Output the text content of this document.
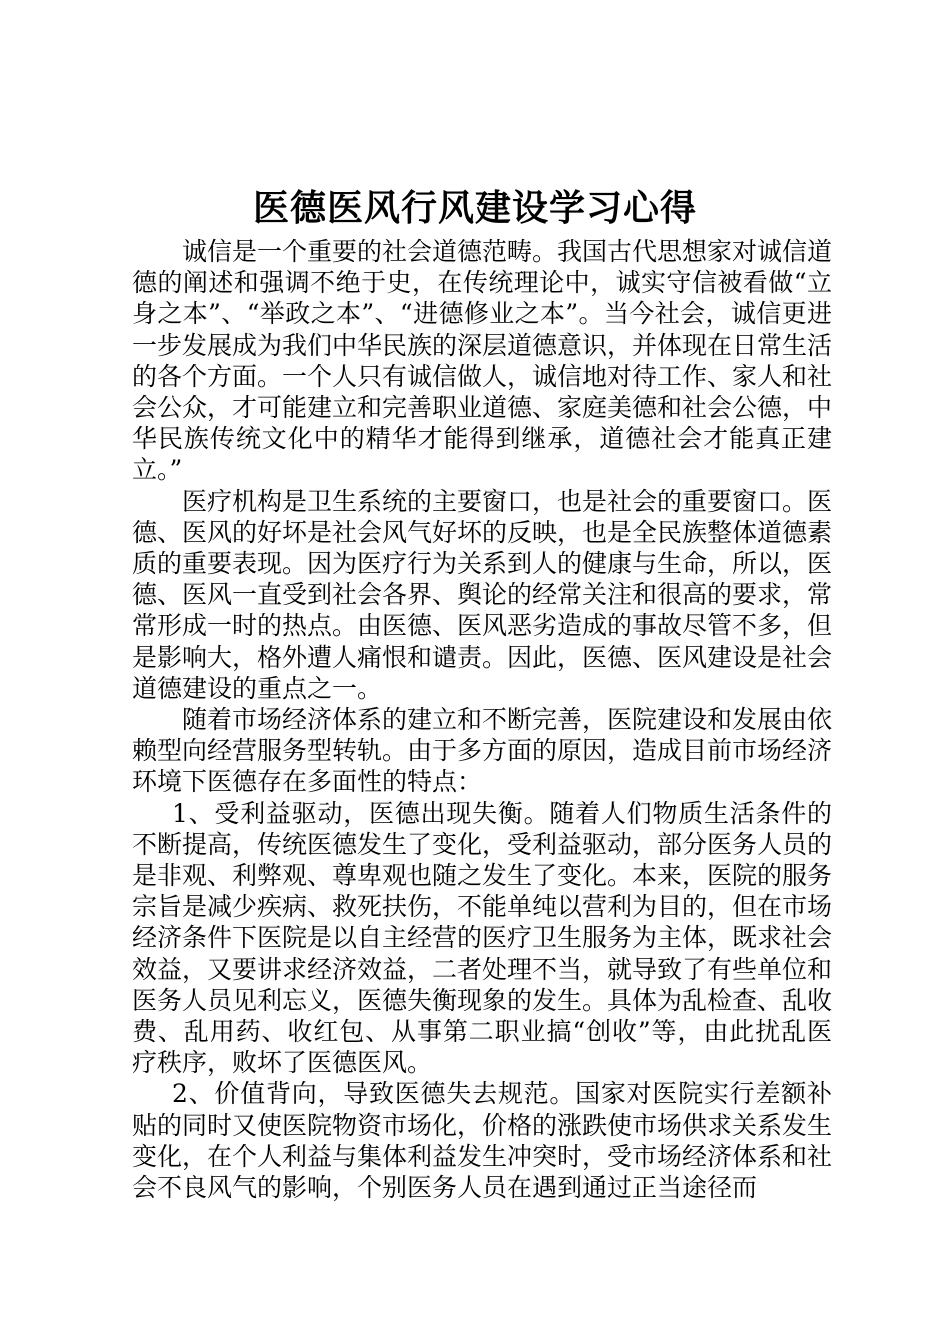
医德医风行风建设学习心得

诚信是一个重要的社会道德范畴。我国古代思想家对诚信道德的阐述和强调不绝于史，在传统理论中，诚实守信被看做“立身之本”、“举政之本”、“进德修业之本”。当今社会，诚信更进一步发展成为我们中华民族的深层道德意识，并体现在日常生活的各个方面。一个人只有诚信做人，诚信地对待工作、家人和社会公众，才可能建立和完善职业道德、家庭美德和社会公德，中华民族传统文化中的精华才能得到继承，道德社会才能真正建立。”

医疗机构是卫生系统的主要窗口，也是社会的重要窗口。医德、医风的好坏是社会风气好坏的反映，也是全民族整体道德素质的重要表现。因为医疗行为关系到人的健康与生命，所以，医德、医风一直受到社会各界、舆论的经常关注和很高的要求，常常形成一时的热点。由医德、医风恶劣造成的事故尽管不多，但是影响大，格外遭人痛恨和谴责。因此，医德、医风建设是社会道德建设的重点之一。

随着市场经济体系的建立和不断完善，医院建设和发展由依赖型向经营服务型转轨。由于多方面的原因，造成目前市场经济环境下医德存在多面性的特点：

1、受利益驱动，医德出现失衡。随着人们物质生活条件的不断提高，传统医德发生了变化，受利益驱动，部分医务人员的是非观、利弊观、尊卑观也随之发生了变化。本来，医院的服务宗旨是减少疾病、救死扶伤，不能单纯以营利为目的，但在市场经济条件下医院是以自主经营的医疗卫生服务为主体，既求社会效益，又要讲求经济效益，二者处理不当，就导致了有些单位和医务人员见利忘义，医德失衡现象的发生。具体为乱检查、乱收费、乱用药、收红包、从事第二职业搞“创收”等，由此扰乱医疗秩序，败坏了医德医风。

2、价值背向，导致医德失去规范。国家对医院实行差额补贴的同时又使医院物资市场化，价格的涨跌使市场供求关系发生变化，在个人利益与集体利益发生冲突时，受市场经济体系和社会不良风气的影响，个别医务人员在遇到通过正当途径而
